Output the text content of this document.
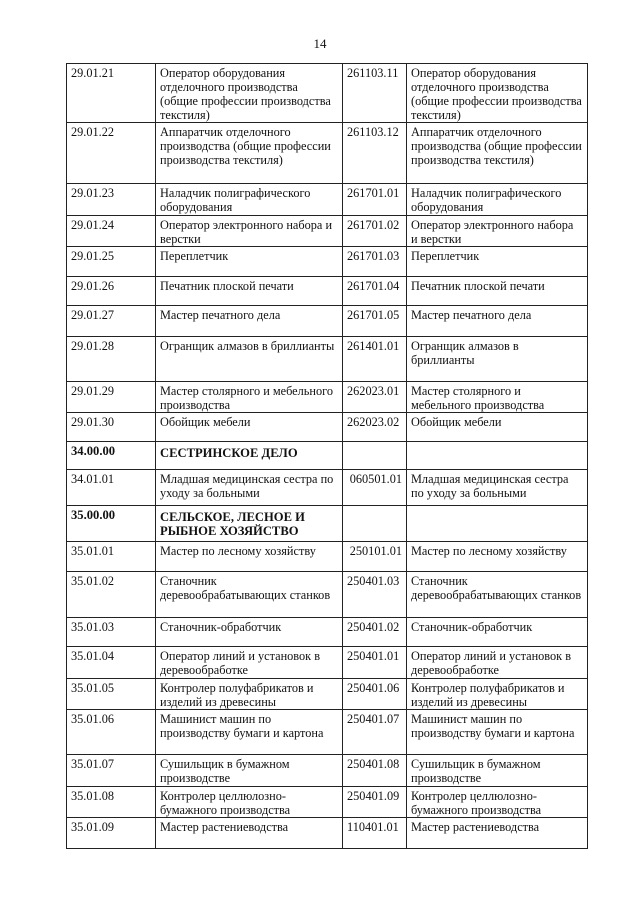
14
29.01.21	Оператор оборудования отделочного производства (общие профессии производства текстиля)	261103.11	Оператор оборудования отделочного производства (общие профессии производства текстиля)
29.01.22	Аппаратчик отделочного производства (общие профессии производства текстиля)	261103.12	Аппаратчик отделочного производства (общие профессии производства текстиля)
29.01.23	Наладчик полиграфического оборудования	261701.01	Наладчик полиграфического оборудования
29.01.24	Оператор электронного набора и верстки	261701.02	Оператор электронного набора и верстки
29.01.25	Переплетчик	261701.03	Переплетчик
29.01.26	Печатник плоской печати	261701.04	Печатник плоской печати
29.01.27	Мастер печатного дела	261701.05	Мастер печатного дела
29.01.28	Огранщик алмазов в бриллианты	261401.01	Огранщик алмазов в бриллианты
29.01.29	Мастер столярного и мебельного производства	262023.01	Мастер столярного и мебельного производства
29.01.30	Обойщик мебели	262023.02	Обойщик мебели
34.00.00	СЕСТРИНСКОЕ ДЕЛО		
34.01.01	Младшая медицинская сестра по уходу за больными	060501.01	Младшая медицинская сестра по уходу за больными
35.00.00	СЕЛЬСКОЕ, ЛЕСНОЕ И РЫБНОЕ ХОЗЯЙСТВО		
35.01.01	Мастер по лесному хозяйству	250101.01	Мастер по лесному хозяйству
35.01.02	Станочник деревообрабатывающих станков	250401.03	Станочник деревообрабатывающих станков
35.01.03	Станочник-обработчик	250401.02	Станочник-обработчик
35.01.04	Оператор линий и установок в деревообработке	250401.01	Оператор линий и установок в деревообработке
35.01.05	Контролер полуфабрикатов и изделий из древесины	250401.06	Контролер полуфабрикатов и изделий из древесины
35.01.06	Машинист машин по производству бумаги и картона	250401.07	Машинист машин по производству бумаги и картона
35.01.07	Сушильщик в бумажном производстве	250401.08	Сушильщик в бумажном производстве
35.01.08	Контролер целлюлозно-бумажного производства	250401.09	Контролер целлюлозно-бумажного производства
35.01.09	Мастер растениеводства	110401.01	Мастер растениеводства
